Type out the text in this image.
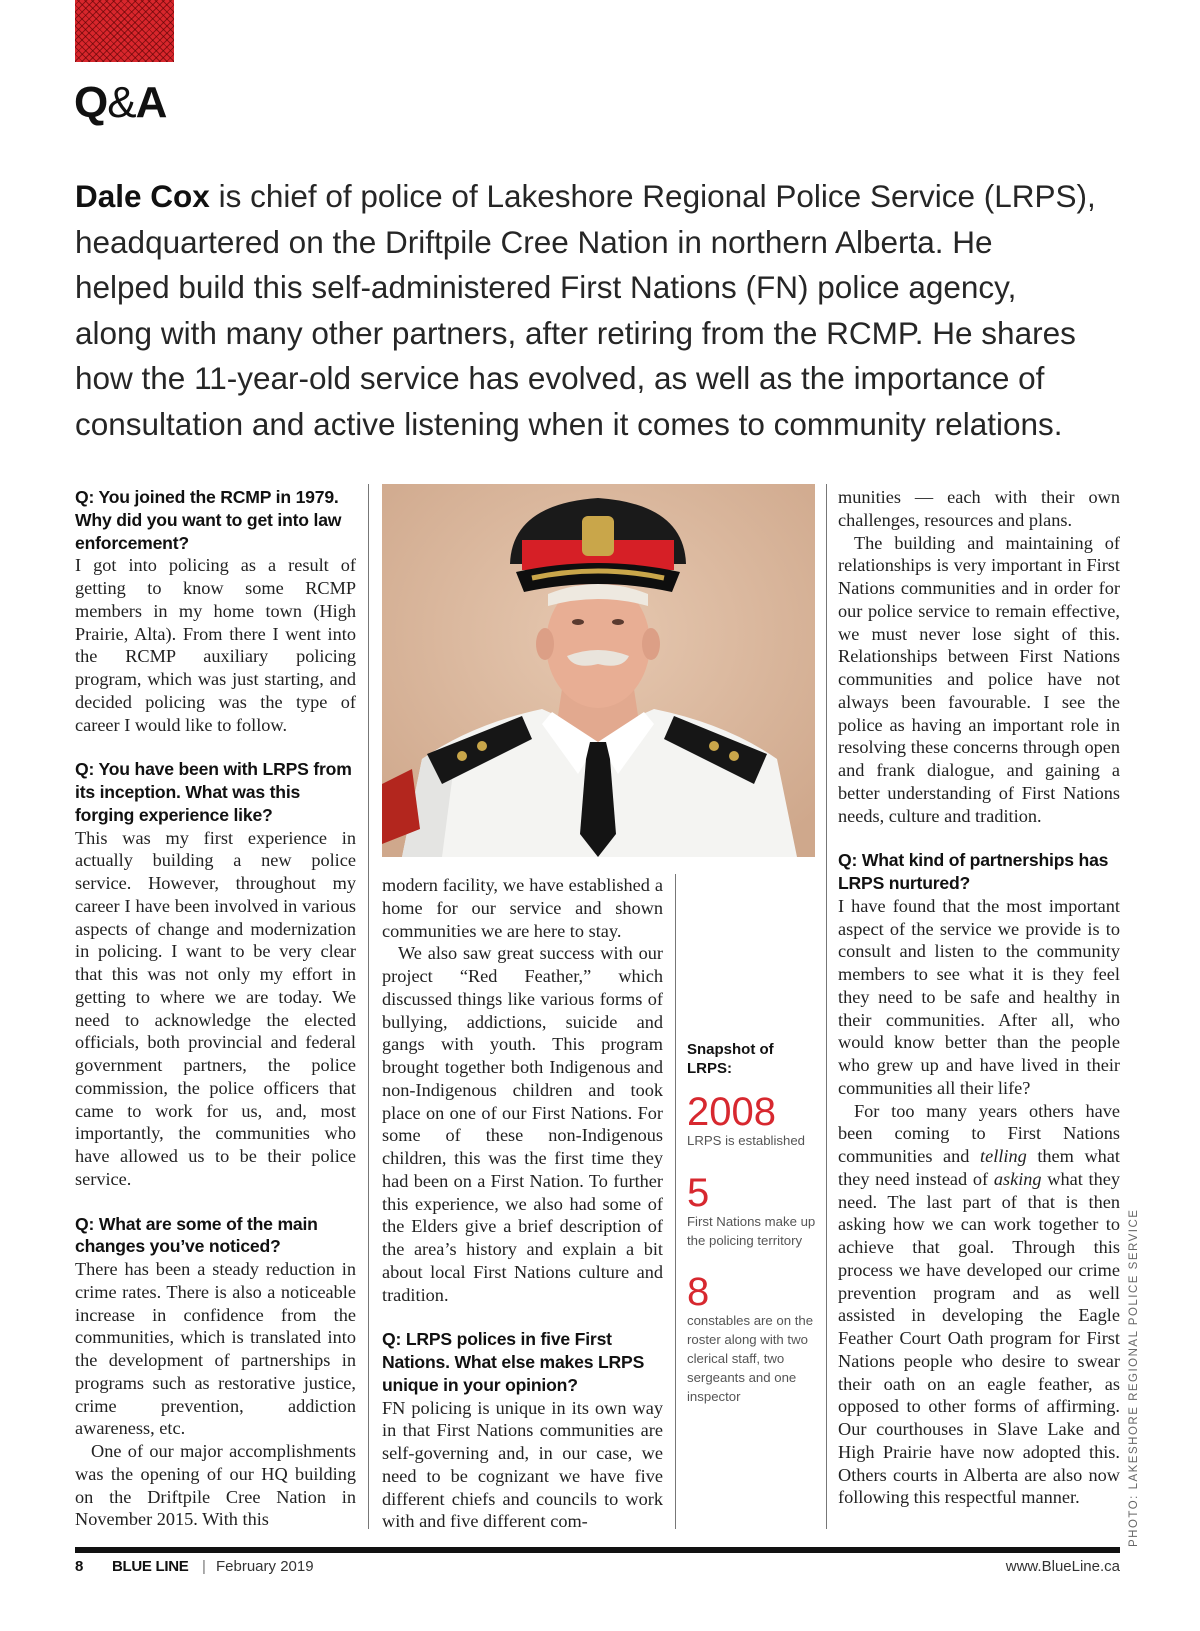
Q&A
Dale Cox is chief of police of Lakeshore Regional Police Service (LRPS),
headquartered on the Driftpile Cree Nation in northern Alberta. He
helped build this self-administered First Nations (FN) police agency,
along with many other partners, after retiring from the RCMP. He shares
how the 11-year-old service has evolved, as well as the importance of
consultation and active listening when it comes to community relations.
Q: You joined the RCMP in 1979. Why did you want to get into law enforcement?

I got into policing as a result of getting to know some RCMP members in my home town (High Prairie, Alta). From there I went into the RCMP auxiliary policing program, which was just starting, and decided policing was the type of career I would like to follow.

Q: You have been with LRPS from its inception. What was this forging experience like?

This was my first experience in actually building a new police service. However, throughout my career I have been involved in various aspects of change and modernization in policing. I want to be very clear that this was not only my effort in getting to where we are today. We need to acknowledge the elected officials, both provincial and federal government partners, the police commission, the police officers that came to work for us, and, most importantly, the communities who have allowed us to be their police service.

Q: What are some of the main changes you’ve noticed?

There has been a steady reduction in crime rates. There is also a noticeable increase in confidence from the communities, which is translated into the development of partnerships in programs such as restorative justice, crime prevention, addiction awareness, etc.

One of our major accomplishments was the opening of our HQ building on the Driftpile Cree Nation in November 2015. With this

modern facility, we have established a home for our service and shown communities we are here to stay.

We also saw great success with our project “Red Feather,” which discussed things like various forms of bullying, addictions, suicide and gangs with youth. This program brought together both Indigenous and non-Indigenous children and took place on one of our First Nations. For some of these non-Indigenous children, this was the first time they had been on a First Nation. To further this experience, we also had some of the Elders give a brief description of the area’s history and explain a bit about local First Nations culture and tradition.

Q: LRPS polices in five First Nations. What else makes LRPS unique in your opinion?

FN policing is unique in its own way in that First Nations communities are self-governing and, in our case, we need to be cognizant we have five different chiefs and councils to work with and five different com-

Snapshot of LRPS:
2008
LRPS is established
5
First Nations make up the policing territory
8
constables are on the roster along with two clerical staff, two sergeants and one inspector

munities — each with their own challenges, resources and plans.

The building and maintaining of relationships is very important in First Nations communities and in order for our police service to remain effective, we must never lose sight of this. Relationships between First Nations communities and police have not always been favourable. I see the police as having an important role in resolving these concerns through open and frank dialogue, and gaining a better understanding of First Nations needs, culture and tradition.

Q: What kind of partnerships has LRPS nurtured?

I have found that the most important aspect of the service we provide is to consult and listen to the community members to see what it is they feel they need to be safe and healthy in their communities. After all, who would know better than the people who grew up and have lived in their communities all their life?

For too many years others have been coming to First Nations communities and telling them what they need instead of asking what they need. The last part of that is then asking how we can work together to achieve that goal. Through this process we have developed our crime prevention program and as well assisted in developing the Eagle Feather Court Oath program for First Nations people who desire to swear their oath on an eagle feather, as opposed to other forms of affirming. Our courthouses in Slave Lake and High Prairie have now adopted this. Others courts in Alberta are also now following this respectful manner.	PHOTO: LAKESHORE REGIONAL POLICE SERVICE
8 BLUE LINE | February 2019	www.BlueLine.ca
